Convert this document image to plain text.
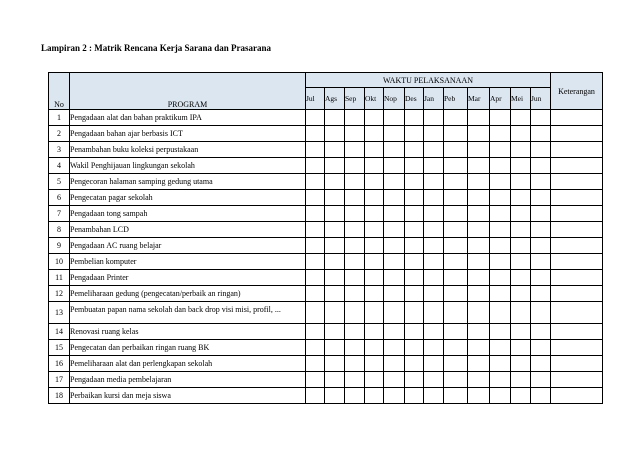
Lampiran 2 : Matrik Rencana Kerja Sarana dan Prasarana
No	PROGRAM	WAKTU PELAKSANAAN												Keterangan
		Jul	Ags	Sep	Okt	Nop	Des	Jan	Peb	Mar	Apr	Mei	Jun	
1	Pengadaan alat dan bahan praktikum IPA													
2	Pengadaan bahan ajar berbasis ICT													
3	Penambahan buku koleksi perpustakaan													
4	Wakil Penghijauan lingkungan sekolah													
5	Pengecoran halaman samping gedung utama													
6	Pengecatan pagar sekolah													
7	Pengadaan tong sampah													
8	Penambahan LCD													
9	Pengadaan AC ruang belajar													
10	Pembelian komputer													
11	Pengadaan Printer													
12	Pemeliharaan gedung (pengecatan/perbaik an ringan)													
13	Pembuatan papan nama sekolah dan back drop visi misi, profil, ...													
14	Renovasi ruang kelas													
15	Pengecatan dan perbaikan ringan ruang BK													
16	Pemeliharaan alat dan perlengkapan sekolah													
17	Pengadaan media pembelajaran													
18	Perbaikan kursi dan meja siswa													
